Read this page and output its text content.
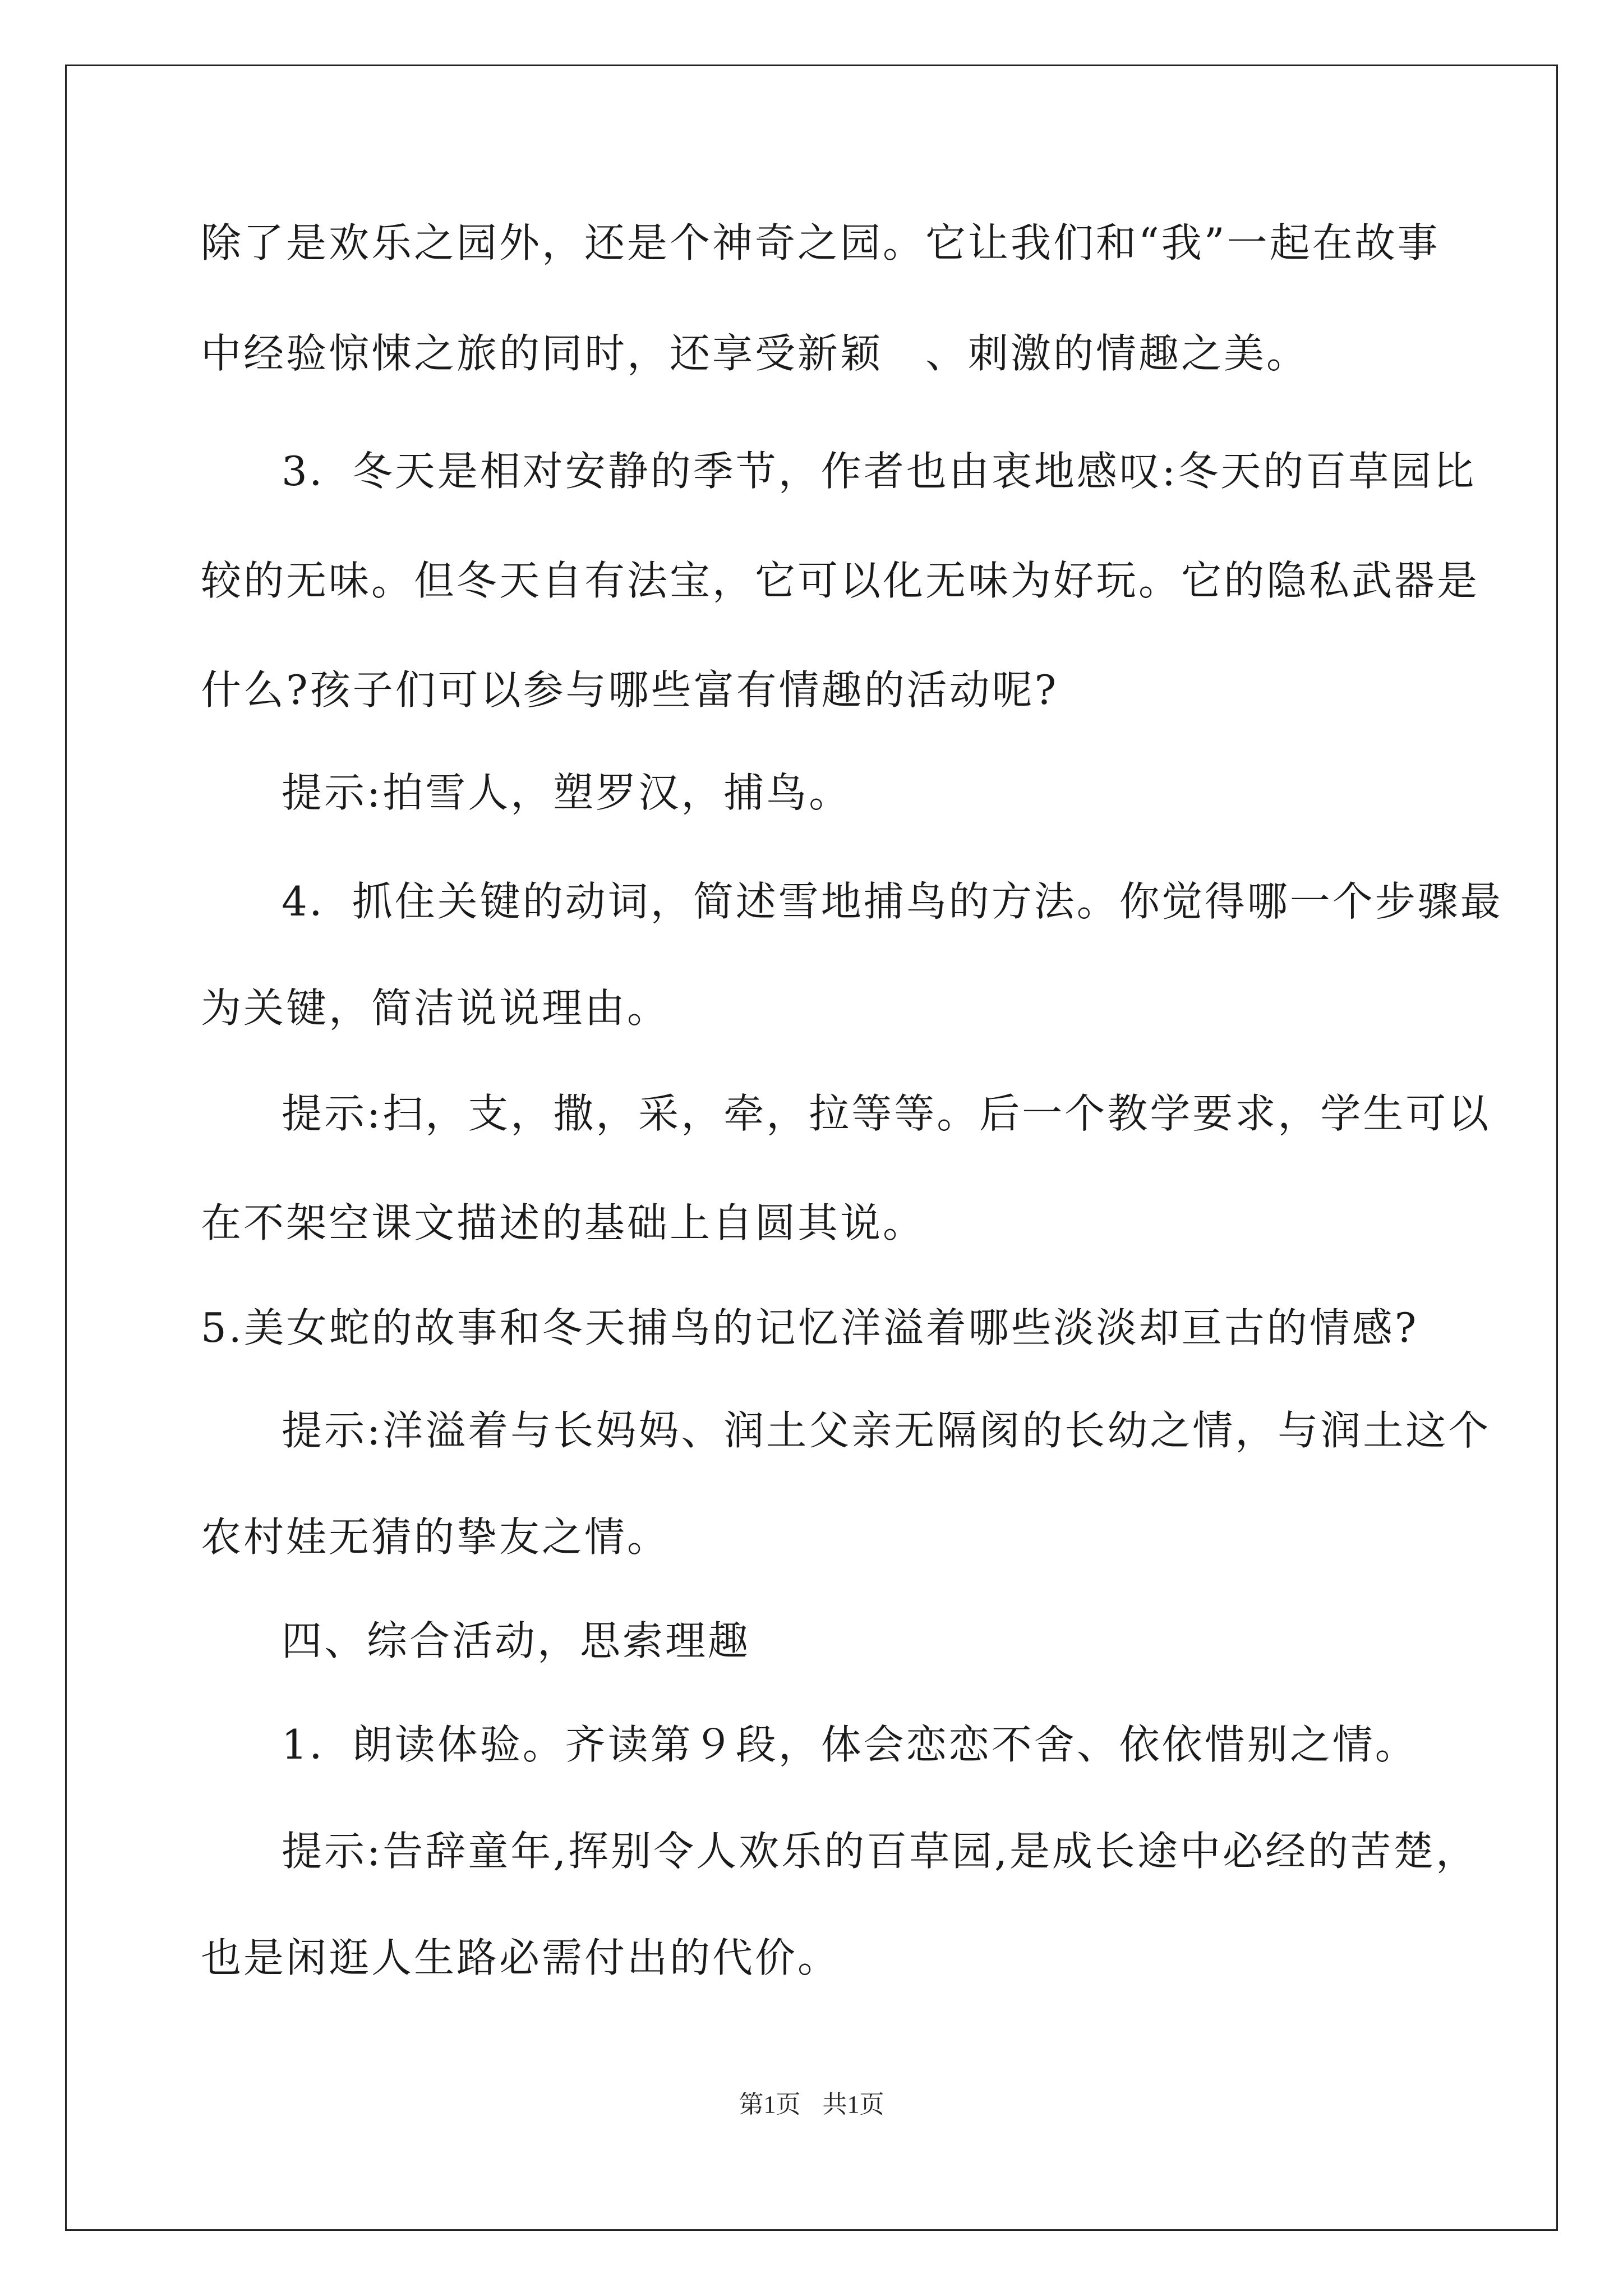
除了是欢乐之园外，还是个神奇之园。它让我们和“我”一起在故事
中经验惊悚之旅的同时，还享受新颖　、刺激的情趣之美。
3．冬天是相对安静的季节，作者也由衷地感叹:冬天的百草园比
较的无味。但冬天自有法宝，它可以化无味为好玩。它的隐私武器是
什么?孩子们可以参与哪些富有情趣的活动呢?
提示:拍雪人，塑罗汉，捕鸟。
4．抓住关键的动词，简述雪地捕鸟的方法。你觉得哪一个步骤最
为关键，简洁说说理由。
提示:扫，支，撒，采，牵，拉等等。后一个教学要求，学生可以
在不架空课文描述的基础上自圆其说。
5.美女蛇的故事和冬天捕鸟的记忆洋溢着哪些淡淡却亘古的情感?
提示:洋溢着与长妈妈、润土父亲无隔阂的长幼之情，与润土这个
农村娃无猜的挚友之情。
四、综合活动，思索理趣
1．朗读体验。齐读第９段，体会恋恋不舍、依依惜别之情。
提示:告辞童年,挥别令人欢乐的百草园,是成长途中必经的苦楚，
也是闲逛人生路必需付出的代价。
第1页 共1页
